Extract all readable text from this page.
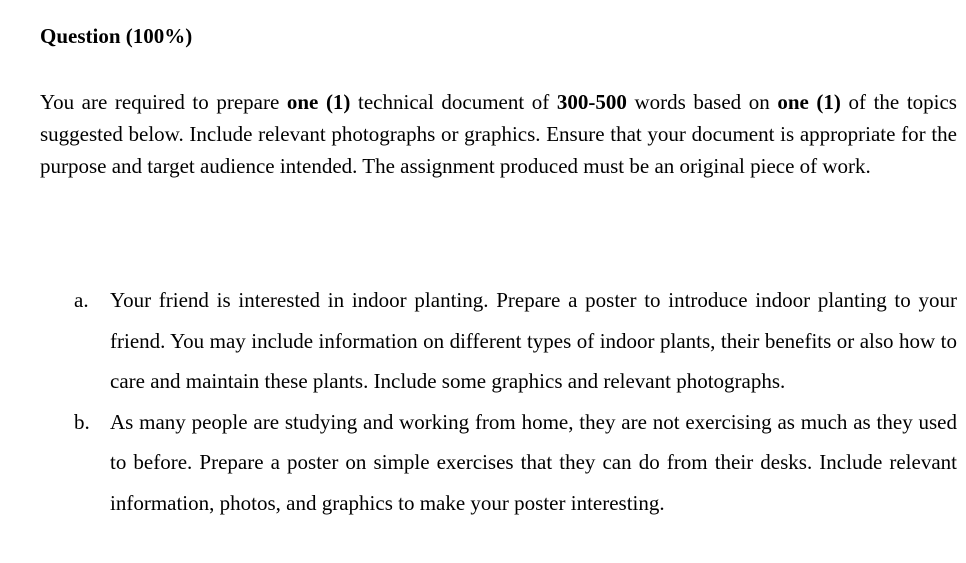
Question (100%)

You are required to prepare one (1) technical document of 300-500 words based on one (1) of the topics suggested below. Include relevant photographs or graphics. Ensure that your document is appropriate for the purpose and target audience intended. The assignment produced must be an original piece of work.

a. Your friend is interested in indoor planting. Prepare a poster to introduce indoor planting to your friend. You may include information on different types of indoor plants, their benefits or also how to care and maintain these plants. Include some graphics and relevant photographs.
b. As many people are studying and working from home, they are not exercising as much as they used to before. Prepare a poster on simple exercises that they can do from their desks. Include relevant information, photos, and graphics to make your poster interesting.
